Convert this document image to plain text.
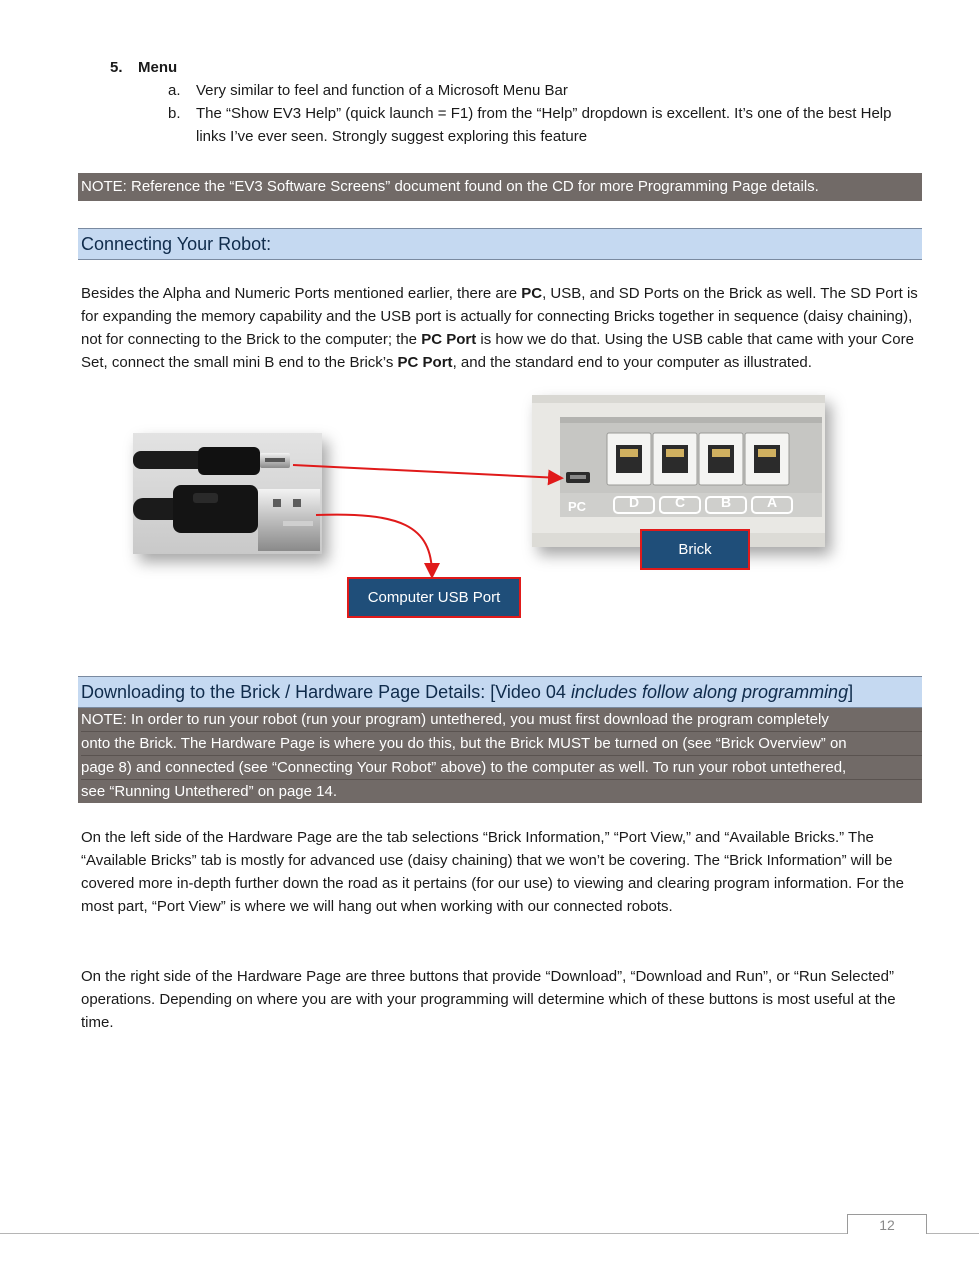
5. Menu
a. Very similar to feel and function of a Microsoft Menu Bar
b. The “Show EV3 Help” (quick launch = F1) from the “Help” dropdown is excellent. It’s one of the best Help links I’ve ever seen. Strongly suggest exploring this feature
NOTE: Reference the “EV3 Software Screens” document found on the CD for more Programming Page details.
Connecting Your Robot:
Besides the Alpha and Numeric Ports mentioned earlier, there are PC, USB, and SD Ports on the Brick as well. The SD Port is for expanding the memory capability and the USB port is actually for connecting Bricks together in sequence (daisy chaining), not for connecting to the Brick to the computer; the PC Port is how we do that. Using the USB cable that came with your Core Set, connect the small mini B end to the Brick’s PC Port, and the standard end to your computer as illustrated.
PC	D	C	B	A
Brick
Computer USB Port
Downloading to the Brick / Hardware Page Details: [Video 04 includes follow along programming]
NOTE: In order to run your robot (run your program) untethered, you must first download the program completely
onto the Brick. The Hardware Page is where you do this, but the Brick MUST be turned on (see “Brick Overview” on
page 8) and connected (see “Connecting Your Robot” above) to the computer as well. To run your robot untethered,
see “Running Untethered” on page 14.
On the left side of the Hardware Page are the tab selections “Brick Information,” “Port View,” and “Available Bricks.” The “Available Bricks” tab is mostly for advanced use (daisy chaining) that we won’t be covering. The “Brick Information” will be covered more in-depth further down the road as it pertains (for our use) to viewing and clearing program information. For the most part, “Port View” is where we will hang out when working with our connected robots.
On the right side of the Hardware Page are three buttons that provide “Download”, “Download and Run”, or “Run Selected” operations. Depending on where you are with your programming will determine which of these buttons is most useful at the time.
12
